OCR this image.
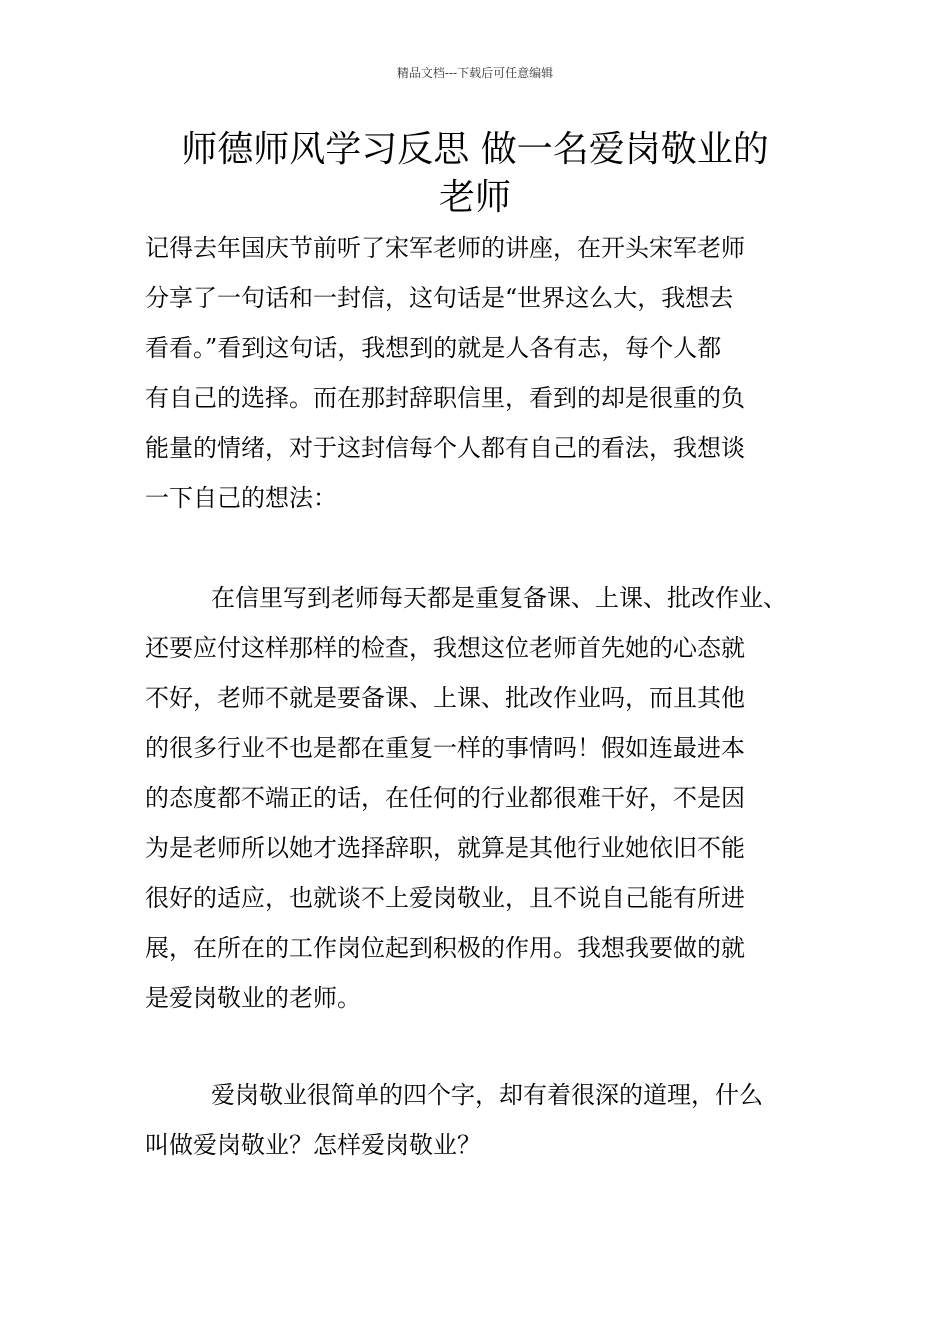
精品文档---下载后可任意编辑
师德师风学习反思 做一名爱岗敬业的
老师

记得去年国庆节前听了宋军老师的讲座，在开头宋军老师
分享了一句话和一封信，这句话是“世界这么大，我想去
看看。”看到这句话，我想到的就是人各有志，每个人都
有自己的选择。而在那封辞职信里，看到的却是很重的负
能量的情绪，对于这封信每个人都有自己的看法，我想谈
一下自己的想法：

在信里写到老师每天都是重复备课、上课、批改作业、
还要应付这样那样的检查，我想这位老师首先她的心态就
不好，老师不就是要备课、上课、批改作业吗，而且其他
的很多行业不也是都在重复一样的事情吗！假如连最进本
的态度都不端正的话，在任何的行业都很难干好，不是因
为是老师所以她才选择辞职，就算是其他行业她依旧不能
很好的适应，也就谈不上爱岗敬业，且不说自己能有所进
展，在所在的工作岗位起到积极的作用。我想我要做的就
是爱岗敬业的老师。

爱岗敬业很简单的四个字，却有着很深的道理，什么
叫做爱岗敬业？怎样爱岗敬业？
